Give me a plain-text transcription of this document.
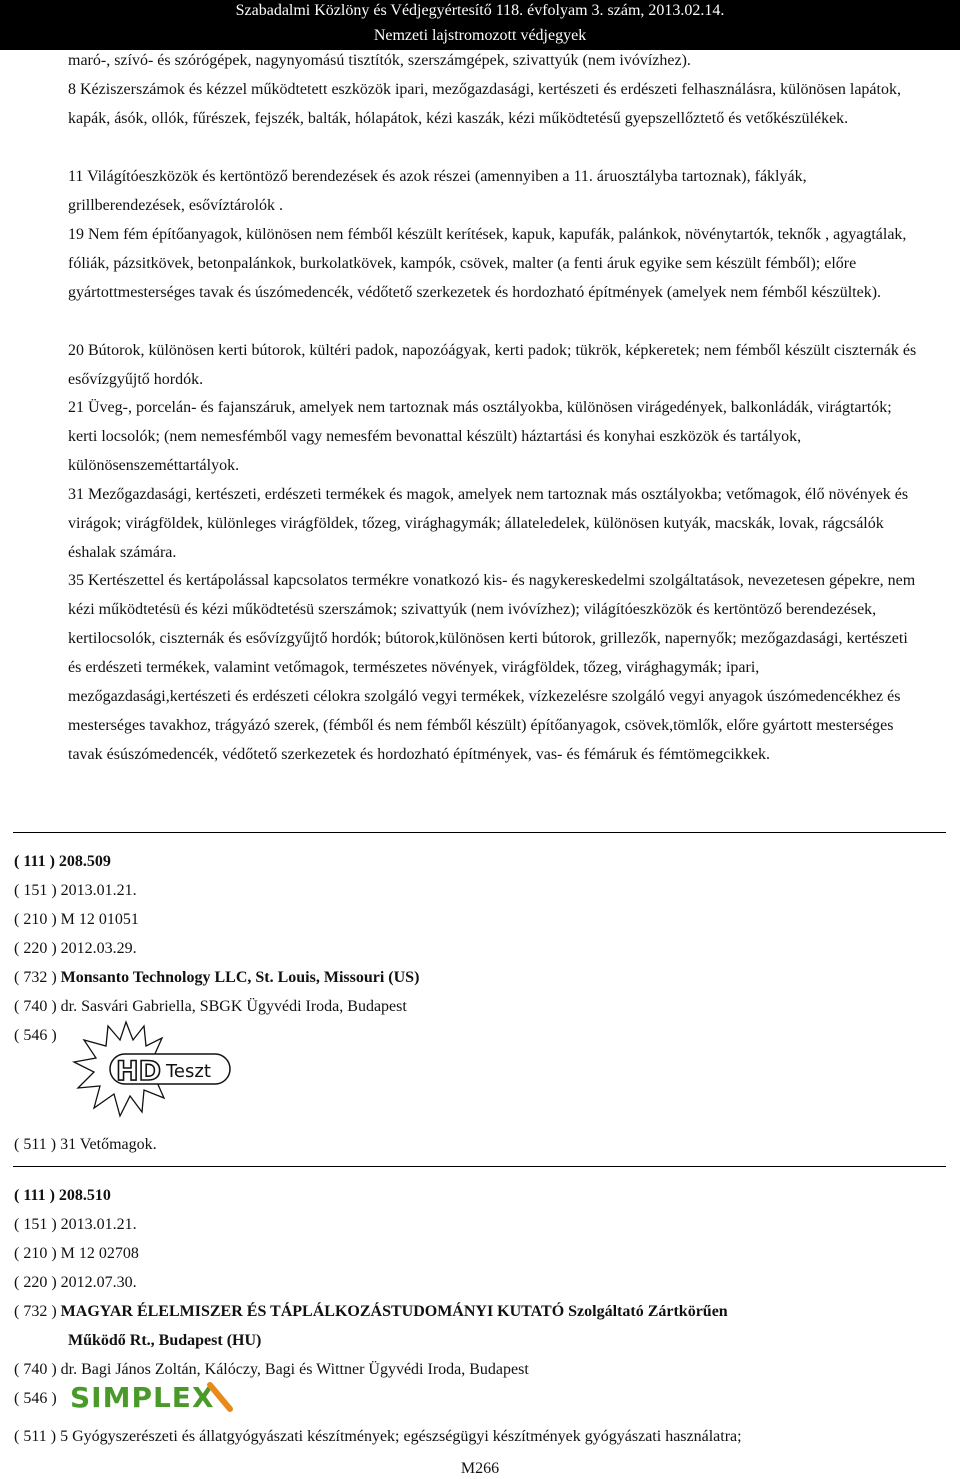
Szabadalmi Közlöny és Védjegyértesítő 118. évfolyam 3. szám, 2013.02.14.
Nemzeti lajstromozott védjegyek

maró-, szívó- és szórógépek, nagynyomású tisztítók, szerszámgépek, szivattyúk (nem ivóvízhez).

8 Kéziszerszámok és kézzel működtetett eszközök ipari, mezőgazdasági, kertészeti és erdészeti felhasználásra, különösen lapátok, kapák, ásók, ollók, fűrészek, fejszék, balták, hólapátok, kézi kaszák, kézi működtetésű gyepszellőztető és vetőkészülékek.

11 Világítóeszközök és kertöntöző berendezések és azok részei (amennyiben a 11. áruosztályba tartoznak), fáklyák, grillberendezések, esővíztárolók .

19 Nem fém építőanyagok, különösen nem fémből készült kerítések, kapuk, kapufák, palánkok, növénytartók, teknők , agyagtálak, fóliák, pázsitkövek, betonpalánkok, burkolatkövek, kampók, csövek, malter (a fenti áruk egyike sem készült fémből); előre gyártottmesterséges tavak és úszómedencék, védőtető szerkezetek és hordozható építmények (amelyek nem fémből készültek).

20 Bútorok, különösen kerti bútorok, kültéri padok, napozóágyak, kerti padok; tükrök, képkeretek; nem fémből készült ciszternák és esővízgyűjtő hordók.

21 Üveg-, porcelán- és fajanszáruk, amelyek nem tartoznak más osztályokba, különösen virágedények, balkonládák, virágtartók; kerti locsolók; (nem nemesfémből vagy nemesfém bevonattal készült) háztartási és konyhai eszközök és tartályok, különösenszeméttartályok.

31 Mezőgazdasági, kertészeti, erdészeti termékek és magok, amelyek nem tartoznak más osztályokba; vetőmagok, élő növények és virágok; virágföldek, különleges virágföldek, tőzeg, virághagymák; állateledelek, különösen kutyák, macskák, lovak, rágcsálók éshalak számára.

35 Kertészettel és kertápolással kapcsolatos termékre vonatkozó kis- és nagykereskedelmi szolgáltatások, nevezetesen gépekre, nem kézi működtetésü és kézi működtetésü szerszámok; szivattyúk (nem ivóvízhez); világítóeszközök és kertöntöző berendezések, kertilocsolók, ciszternák és esővízgyűjtő hordók; bútorok,különösen kerti bútorok, grillezők, napernyők; mezőgazdasági, kertészeti és erdészeti termékek, valamint vetőmagok, természetes növények, virágföldek, tőzeg, virághagymák; ipari, mezőgazdasági,kertészeti és erdészeti célokra szolgáló vegyi termékek, vízkezelésre szolgáló vegyi anyagok úszómedencékhez és mesterséges tavakhoz, trágyázó szerek, (fémből és nem fémből készült) építőanyagok, csövek,tömlők, előre gyártott mesterséges tavak ésúszómedencék, védőtető szerkezetek és hordozható építmények, vas- és fémáruk és fémtömegcikkek.

( 111 ) 208.509
( 151 ) 2013.01.21.
( 210 ) M 12 01051
( 220 ) 2012.03.29.
( 732 ) Monsanto Technology LLC, St. Louis, Missouri (US)
( 740 ) dr. Sasvári Gabriella, SBGK Ügyvédi Iroda, Budapest
( 546 )
HD Teszt
( 511 ) 31 Vetőmagok.
( 111 ) 208.510
( 151 ) 2013.01.21.
( 210 ) M 12 02708
( 220 ) 2012.07.30.
( 732 ) MAGYAR ÉLELMISZER ÉS TÁPLÁLKOZÁSTUDOMÁNYI KUTATÓ Szolgáltató Zártkörűen
Működő Rt., Budapest (HU)
( 740 ) dr. Bagi János Zoltán, Kálóczy, Bagi és Wittner Ügyvédi Iroda, Budapest
( 546 ) SIMPLEX
( 511 ) 5 Gyógyszerészeti és állatgyógyászati készítmények; egészségügyi készítmények gyógyászati használatra;
M266
